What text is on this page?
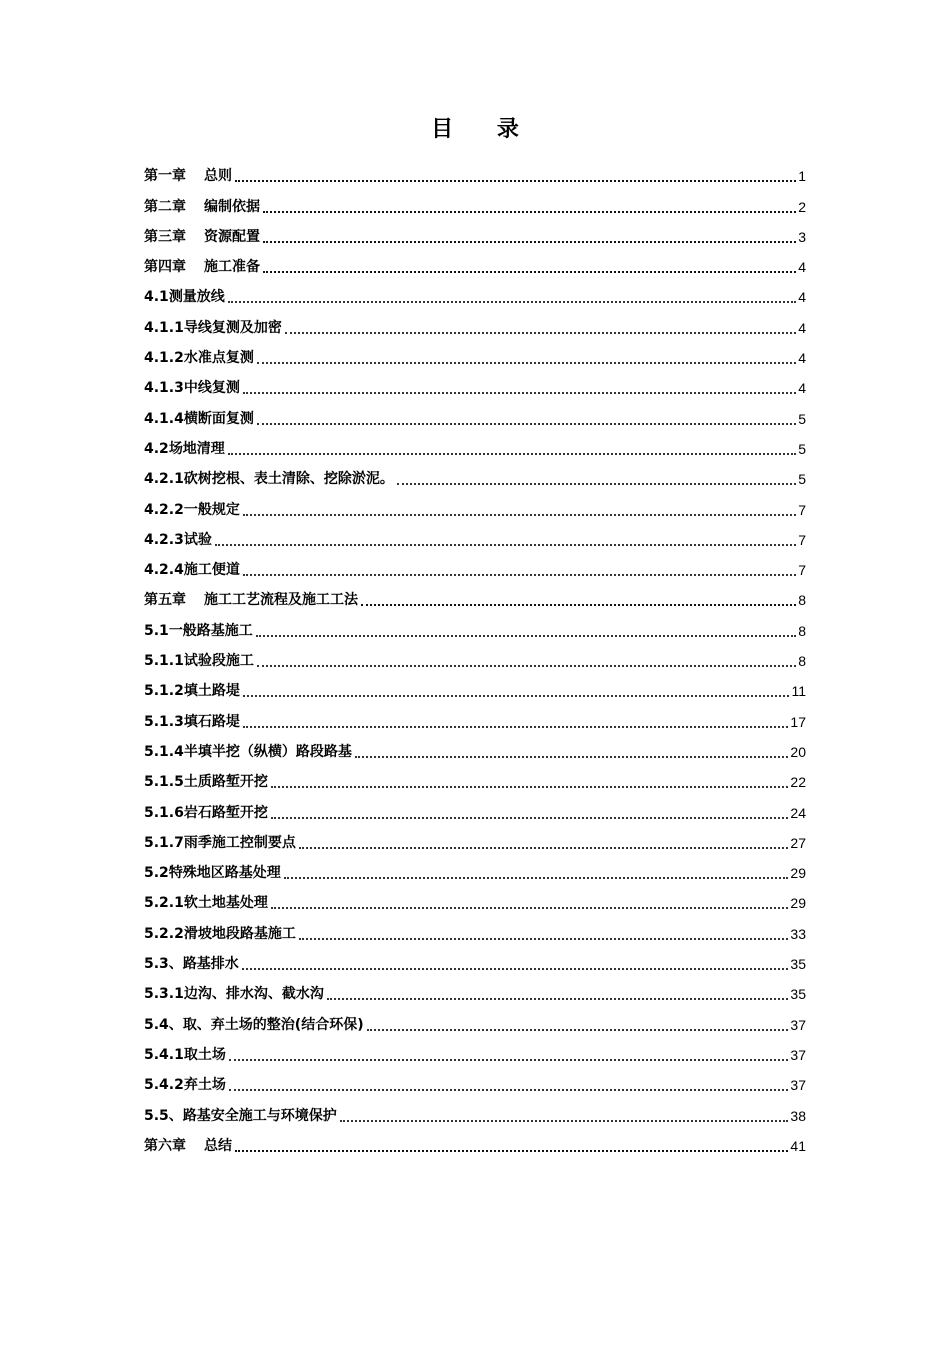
目 录
第一章 总则	1
第二章 编制依据	2
第三章 资源配置	3
第四章 施工准备	4
4.1 测量放线	4
4.1.1 导线复测及加密	4
4.1.2 水准点复测	4
4.1.3 中线复测	4
4.1.4 横断面复测	5
4.2 场地清理	5
4.2.1 砍树挖根、表土清除、挖除淤泥。	5
4.2.2 一般规定	7
4.2.3 试验	7
4.2.4 施工便道	7
第五章 施工工艺流程及施工工法	8
5.1 一般路基施工	8
5.1.1 试验段施工	8
5.1.2 填土路堤	11
5.1.3 填石路堤	17
5.1.4 半填半挖（纵横）路段路基	20
5.1.5 土质路堑开挖	22
5.1.6 岩石路堑开挖	24
5.1.7 雨季施工控制要点	27
5.2 特殊地区路基处理	29
5.2.1 软土地基处理	29
5.2.2 滑坡地段路基施工	33
5.3、 路基排水	35
5.3.1 边沟、排水沟、截水沟	35
5.4、 取、弃土场的整治(结合环保)	37
5.4.1 取土场	37
5.4.2 弃土场	37
5.5、 路基安全施工与环境保护	38
第六章 总结	41
